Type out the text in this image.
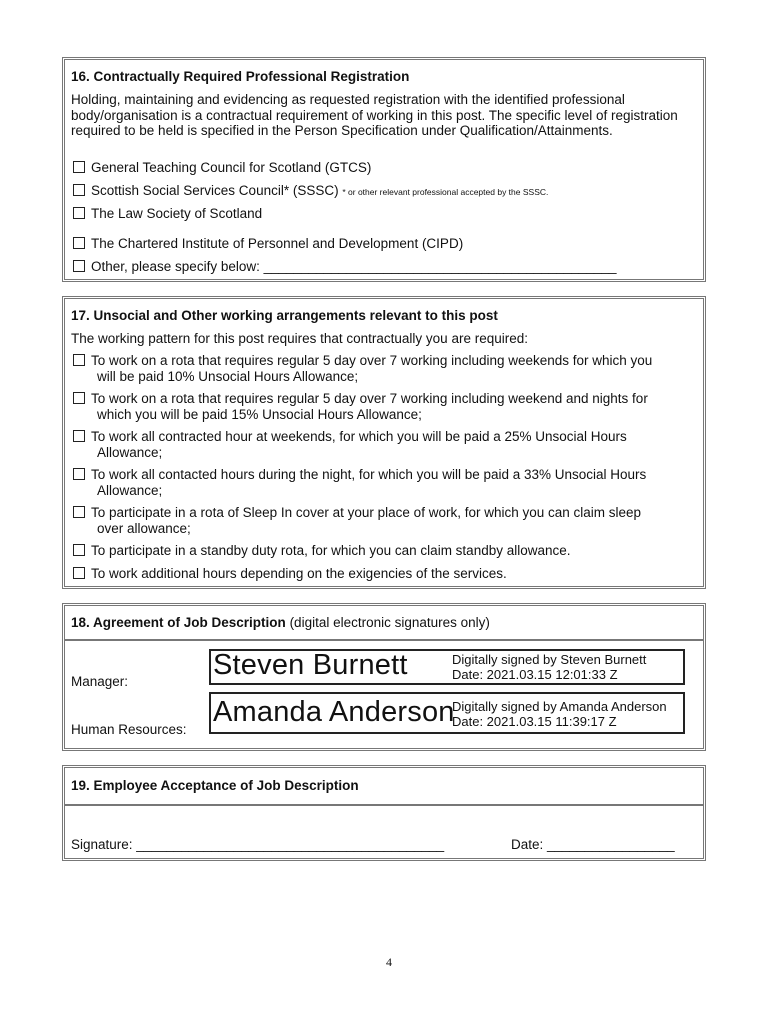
16. Contractually Required Professional Registration
Holding, maintaining and evidencing as requested registration with the identified professional body/organisation is a contractual requirement of working in this post. The specific level of registration required to be held is specified in the Person Specification under Qualification/Attainments.
General Teaching Council for Scotland (GTCS)
Scottish Social Services Council* (SSSC) * or other relevant professional accepted by the SSSC.
The Law Society of Scotland
The Chartered Institute of Personnel and Development (CIPD)
Other, please specify below: _______________________________________________
17. Unsocial and Other working arrangements relevant to this post
The working pattern for this post requires that contractually you are required:
To work on a rota that requires regular 5 day over 7 working including weekends for which you
will be paid 10% Unsocial Hours Allowance;
To work on a rota that requires regular 5 day over 7 working including weekend and nights for
which you will be paid 15% Unsocial Hours Allowance;
To work all contracted hour at weekends, for which you will be paid a 25% Unsocial Hours
Allowance;
To work all contacted hours during the night, for which you will be paid a 33% Unsocial Hours
Allowance;
To participate in a rota of Sleep In cover at your place of work, for which you can claim sleep
over allowance;
To participate in a standby duty rota, for which you can claim standby allowance.
To work additional hours depending on the exigencies of the services.
18. Agreement of Job Description (digital electronic signatures only)
Manager:
Human Resources:
Steven Burnett	Digitally signed by Steven Burnett
Date: 2021.03.15 12:01:33 Z
Amanda Anderson
Digitally signed by Amanda Anderson
Date: 2021.03.15 11:39:17 Z
19. Employee Acceptance of Job Description
Signature: _________________________________________	Date: _________________
4
